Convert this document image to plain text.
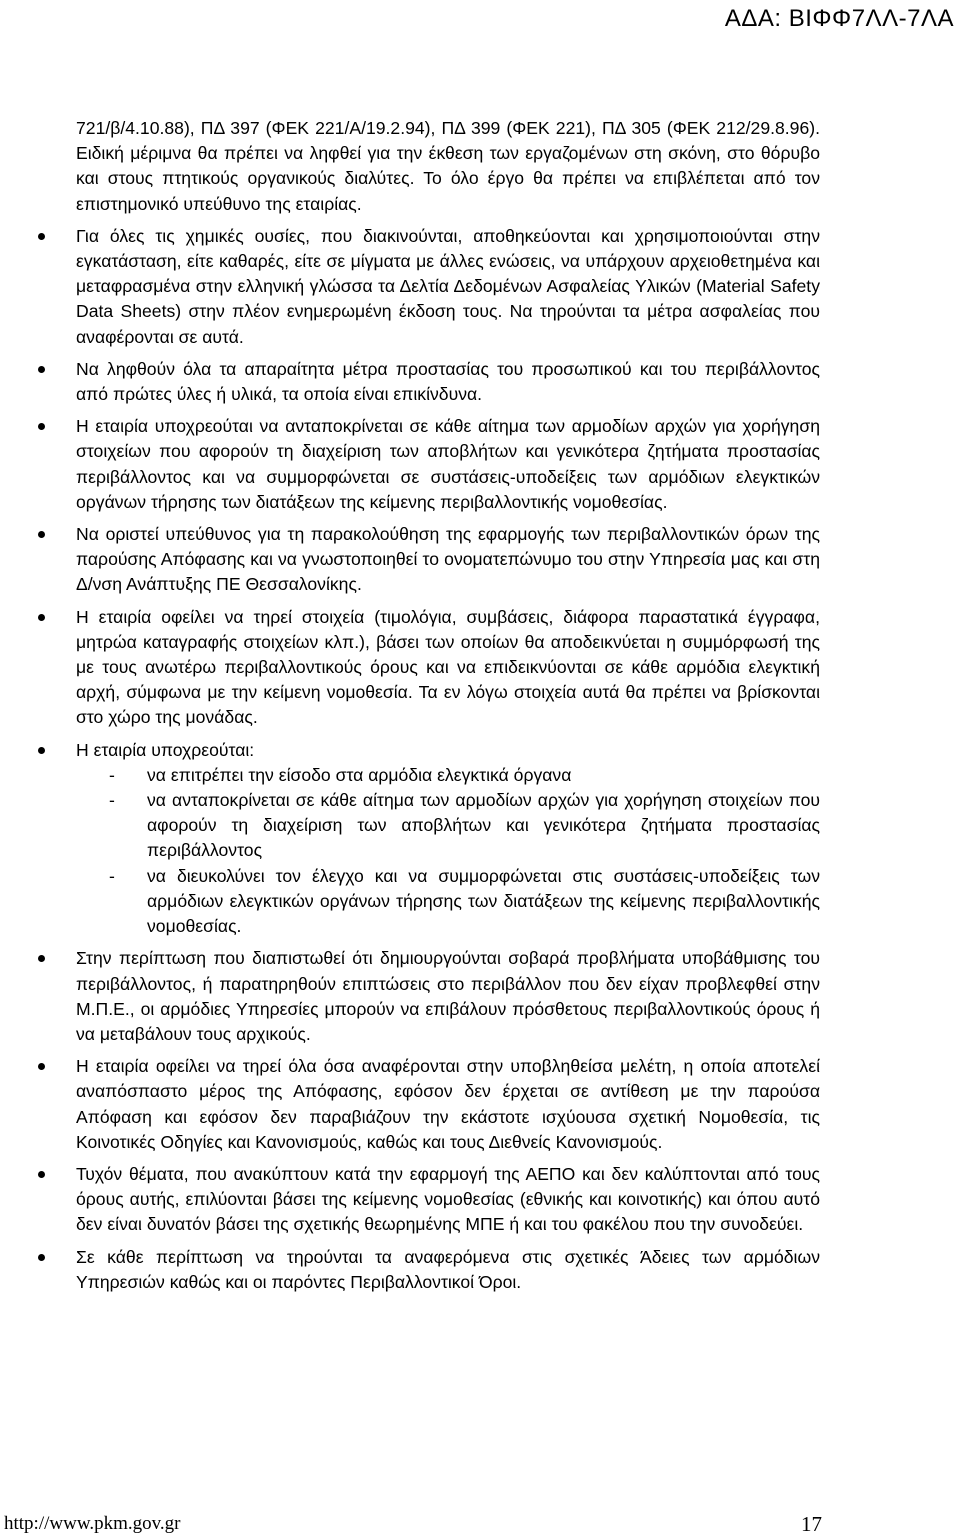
ΑΔΑ: ΒΙΦΦ7ΛΛ-7ΛΑ

721/β/4.10.88), ΠΔ 397 (ΦΕΚ 221/Α/19.2.94), ΠΔ 399 (ΦΕΚ 221), ΠΔ 305 (ΦΕΚ 212/29.8.96). Ειδική μέριμνα θα πρέπει να ληφθεί για την έκθεση των εργαζομένων στη σκόνη, στο θόρυβο και στους πτητικούς οργανικούς διαλύτες. Το όλο έργο θα πρέπει να επιβλέπεται από τον επιστημονικό υπεύθυνο της εταιρίας.

Για όλες τις χημικές ουσίες, που διακινούνται, αποθηκεύονται και χρησιμοποιούνται στην εγκατάσταση, είτε καθαρές, είτε σε μίγματα με άλλες ενώσεις, να υπάρχουν αρχειοθετημένα και μεταφρασμένα στην ελληνική γλώσσα τα Δελτία Δεδομένων Ασφαλείας Υλικών (Material Safety Data Sheets) στην πλέον ενημερωμένη έκδοση τους. Να τηρούνται τα μέτρα ασφαλείας που αναφέρονται σε αυτά.
Να ληφθούν όλα τα απαραίτητα μέτρα προστασίας του προσωπικού και του περιβάλλοντος από πρώτες ύλες ή υλικά, τα οποία είναι επικίνδυνα.
Η εταιρία υποχρεούται να ανταποκρίνεται σε κάθε αίτημα των αρμοδίων αρχών για χορήγηση στοιχείων που αφορούν τη διαχείριση των αποβλήτων και γενικότερα ζητήματα προστασίας περιβάλλοντος και να συμμορφώνεται σε συστάσεις-υποδείξεις των αρμόδιων ελεγκτικών οργάνων τήρησης των διατάξεων της κείμενης περιβαλλοντικής νομοθεσίας.
Να οριστεί υπεύθυνος για τη παρακολούθηση της εφαρμογής των περιβαλλοντικών όρων της παρούσης Απόφασης και να γνωστοποιηθεί το ονοματεπώνυμο του στην Υπηρεσία μας και στη Δ/νση Ανάπτυξης ΠΕ Θεσσαλονίκης.
Η εταιρία οφείλει να τηρεί στοιχεία (τιμολόγια, συμβάσεις, διάφορα παραστατικά έγγραφα, μητρώα καταγραφής στοιχείων κλπ.), βάσει των οποίων θα αποδεικνύεται η συμμόρφωσή της με τους ανωτέρω περιβαλλοντικούς όρους και να επιδεικνύονται σε κάθε αρμόδια ελεγκτική αρχή, σύμφωνα με την κείμενη νομοθεσία. Τα εν λόγω στοιχεία αυτά θα πρέπει να βρίσκονται στο χώρο της μονάδας.
Η εταιρία υποχρεούται:
- να επιτρέπει την είσοδο στα αρμόδια ελεγκτικά όργανα
- να ανταποκρίνεται σε κάθε αίτημα των αρμοδίων αρχών για χορήγηση στοιχείων που αφορούν τη διαχείριση των αποβλήτων και γενικότερα ζητήματα προστασίας περιβάλλοντος
- να διευκολύνει τον έλεγχο και να συμμορφώνεται στις συστάσεις-υποδείξεις των αρμόδιων ελεγκτικών οργάνων τήρησης των διατάξεων της κείμενης περιβαλλοντικής νομοθεσίας.
Στην περίπτωση που διαπιστωθεί ότι δημιουργούνται σοβαρά προβλήματα υποβάθμισης του περιβάλλοντος, ή παρατηρηθούν επιπτώσεις στο περιβάλλον που δεν είχαν προβλεφθεί στην Μ.Π.Ε., οι αρμόδιες Υπηρεσίες μπορούν να επιβάλουν πρόσθετους περιβαλλοντικούς όρους ή να μεταβάλουν τους αρχικούς.
Η εταιρία οφείλει να τηρεί όλα όσα αναφέρονται στην υποβληθείσα μελέτη, η οποία αποτελεί αναπόσπαστο μέρος της Απόφασης, εφόσον δεν έρχεται σε αντίθεση με την παρούσα Απόφαση και εφόσον δεν παραβιάζουν την εκάστοτε ισχύουσα σχετική Νομοθεσία, τις Κοινοτικές Οδηγίες και Κανονισμούς, καθώς και τους Διεθνείς Κανονισμούς.
Τυχόν θέματα, που ανακύπτουν κατά την εφαρμογή της ΑΕΠΟ και δεν καλύπτονται από τους όρους αυτής, επιλύονται βάσει της κείμενης νομοθεσίας (εθνικής και κοινοτικής) και όπου αυτό δεν είναι δυνατόν βάσει της σχετικής θεωρημένης ΜΠΕ ή και του φακέλου που την συνοδεύει.
Σε κάθε περίπτωση να τηρούνται τα αναφερόμενα στις σχετικές Άδειες των αρμόδιων Υπηρεσιών καθώς και οι παρόντες Περιβαλλοντικοί Όροι.
http://www.pkm.gov.gr	17
